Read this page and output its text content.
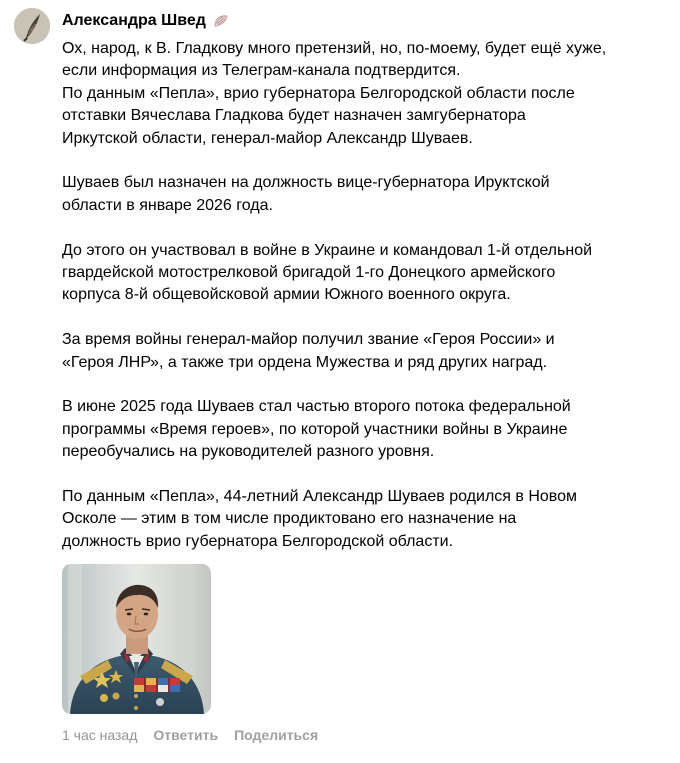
Александра Швед
Ох, народ, к В. Гладкову много претензий, но, по-моему, будет ещё хуже,
если информация из Телеграм-канала подтвердится.
По данным «Пепла», врио губернатора Белгородской области после
отставки Вячеслава Гладкова будет назначен замгубернатора
Иркутской области, генерал-майор Александр Шуваев.
Шуваев был назначен на должность вице-губернатора Ируктской
области в январе 2026 года.
До этого он участвовал в войне в Украине и командовал 1-й отдельной
гвардейской мотострелковой бригадой 1-го Донецкого армейского
корпуса 8-й общевойсковой армии Южного военного округа.
За время войны генерал-майор получил звание «Героя России» и
«Героя ЛНР», а также три ордена Мужества и ряд других наград.
В июне 2025 года Шуваев стал частью второго потока федеральной
программы «Время героев», по которой участники войны в Украине
переобучались на руководителей разного уровня.
По данным «Пепла», 44-летний Александр Шуваев родился в Новом
Осколе — этим в том числе продиктовано его назначение на
должность врио губернатора Белгородской области.
1 час назад Ответить Поделиться
